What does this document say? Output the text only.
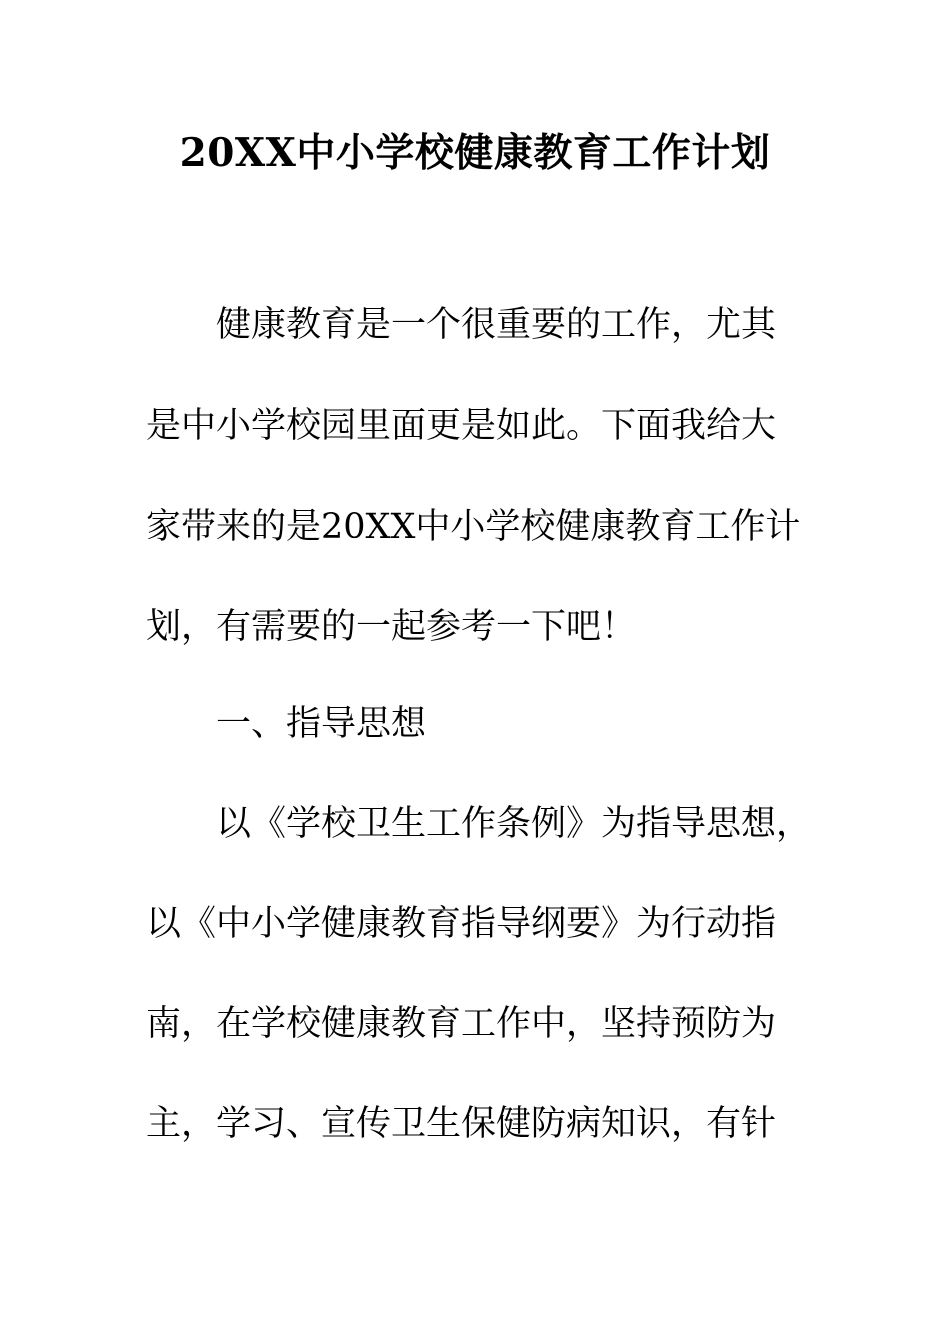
20XX中小学校健康教育工作计划
健康教育是一个很重要的工作，尤其
是中小学校园里面更是如此。下面我给大
家带来的是20XX中小学校健康教育工作计
划，有需要的一起参考一下吧！
一、指导思想
以《学校卫生工作条例》为指导思想，
以《中小学健康教育指导纲要》为行动指
南，在学校健康教育工作中，坚持预防为
主，学习、宣传卫生保健防病知识，有针
